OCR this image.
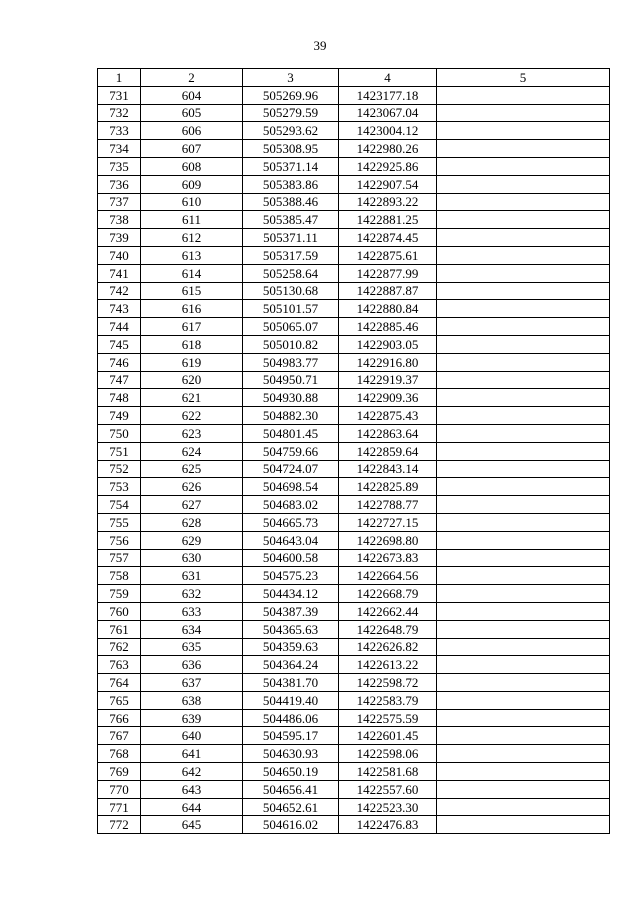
39
1	2	3	4	5
731	604	505269.96	1423177.18	
732	605	505279.59	1423067.04	
733	606	505293.62	1423004.12	
734	607	505308.95	1422980.26	
735	608	505371.14	1422925.86	
736	609	505383.86	1422907.54	
737	610	505388.46	1422893.22	
738	611	505385.47	1422881.25	
739	612	505371.11	1422874.45	
740	613	505317.59	1422875.61	
741	614	505258.64	1422877.99	
742	615	505130.68	1422887.87	
743	616	505101.57	1422880.84	
744	617	505065.07	1422885.46	
745	618	505010.82	1422903.05	
746	619	504983.77	1422916.80	
747	620	504950.71	1422919.37	
748	621	504930.88	1422909.36	
749	622	504882.30	1422875.43	
750	623	504801.45	1422863.64	
751	624	504759.66	1422859.64	
752	625	504724.07	1422843.14	
753	626	504698.54	1422825.89	
754	627	504683.02	1422788.77	
755	628	504665.73	1422727.15	
756	629	504643.04	1422698.80	
757	630	504600.58	1422673.83	
758	631	504575.23	1422664.56	
759	632	504434.12	1422668.79	
760	633	504387.39	1422662.44	
761	634	504365.63	1422648.79	
762	635	504359.63	1422626.82	
763	636	504364.24	1422613.22	
764	637	504381.70	1422598.72	
765	638	504419.40	1422583.79	
766	639	504486.06	1422575.59	
767	640	504595.17	1422601.45	
768	641	504630.93	1422598.06	
769	642	504650.19	1422581.68	
770	643	504656.41	1422557.60	
771	644	504652.61	1422523.30	
772	645	504616.02	1422476.83	
